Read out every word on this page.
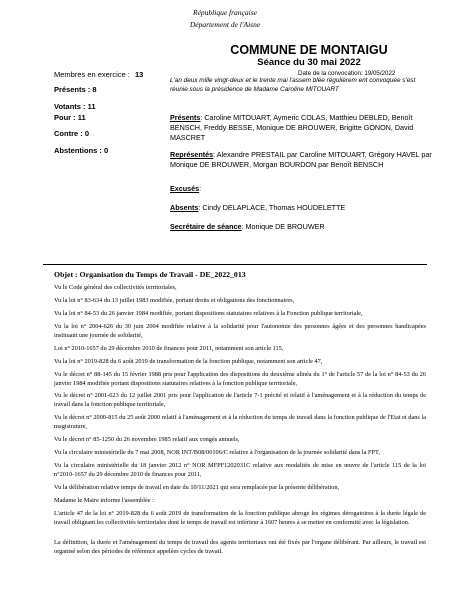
République française
Département de l'Aisne
COMMUNE DE MONTAIGU
Séance du 30 mai 2022
Membres en exercice : 13
Présents : 8
Votants : 11
Pour : 11
Contre : 0
Abstentions : 0
Date de la convocation: 19/05/2022
L'an deux mille vingt-deux et le trente mai l'assem blée régulièrem ent convoquée s'est réunie sous la présidence de Madame Caroline MITOUART
Présents: Caroline MITOUART, Aymeric COLAS, Matthieu DEBLED, Benoît BENSCH, Freddy BESSE, Monique DE BROUWER, Brigitte GONON, David MASCRET
Représentés: Alexandre PRESTAIL par Caroline MITOUART, Grégory HAVEL par Monique DE BROUWER, Morgan BOURDON par Benoît BENSCH
Excusés:
Absents: Cindy DELAPLACE, Thomas HOUDELETTE
Secrétaire de séance: Monique DE BROUWER
Objet : Organisation du Temps de Travail - DE_2022_013

Vu le Code général des collectivités territoriales,

Vu la loi n° 83-634 du 13 juillet 1983 modifiée, portant droits et obligations des fonctionnaires,

Vu la loi n° 84-53 du 26 janvier 1984 modifiée, portant dispositions statutaires relatives à la Fonction publique territoriale,

Vu la loi n° 2004-626 du 30 juin 2004 modifiée relative à la solidarité pour l'autonomie des personnes âgées et des personnes handicapées instituant une journée de solidarité,

Loi n° 2010-1657 du 29 décembre 2010 de finances pour 2011, notamment son article 115,

Vu la loi n° 2019-828 du 6 août 2019 de transformation de la fonction publique, notamment son article 47,

Vu le décret n° 88-145 du 15 février 1988 pris pour l'application des dispositions du deuxième alinéa du 1° de l'article 57 de la loi n° 84-53 du 26 janvier 1984 modifiée portant dispositions statutaires relatives à la fonction publique territoriale,

Vu le décret n° 2001-623 du 12 juillet 2001 pris pour l'application de l'article 7-1 précité et relatif à l'aménagement et à la réduction du temps de travail dans la fonction publique territoriale,

Vu le décret n° 2000-815 du 25 août 2000 relatif à l'aménagement et à la réduction du temps de travail dans la fonction publique de l'Etat et dans la magistrature,

Vu le décret n° 85-1250 du 26 novembre 1985 relatif aux congés annuels,

Vu la circulaire ministérielle du 7 mai 2008, NOR INT/B08/00106/C relative à l'organisation de la journée solidarité dans la FPT,

Vu la circulaire ministérielle du 18 janvier 2012 n° NOR MFPF1202031C relative aux modalités de mise en œuvre de l'article 115 de la loi n°2010-1657 du 29 décembre 2010 de finances pour 2011,

Vu la délibération relative temps de travail en date du 10/11/2021 qui sera remplacée par la présente délibération,

Madame le Maire informe l'assemblée :

L'article 47 de la loi n° 2019-828 du 6 août 2019 de transformation de la fonction publique abroge les régimes dérogatoires à la durée légale de travail obligeant les collectivités territoriales dont le temps de travail est inférieur à 1607 heures à se mettre en conformité avec la législation.

La définition, la durée et l'aménagement du temps de travail des agents territoriaux ont été fixés par l'organe délibérant. Par ailleurs, le travail est organisé selon des périodes de référence appelées cycles de travail.
